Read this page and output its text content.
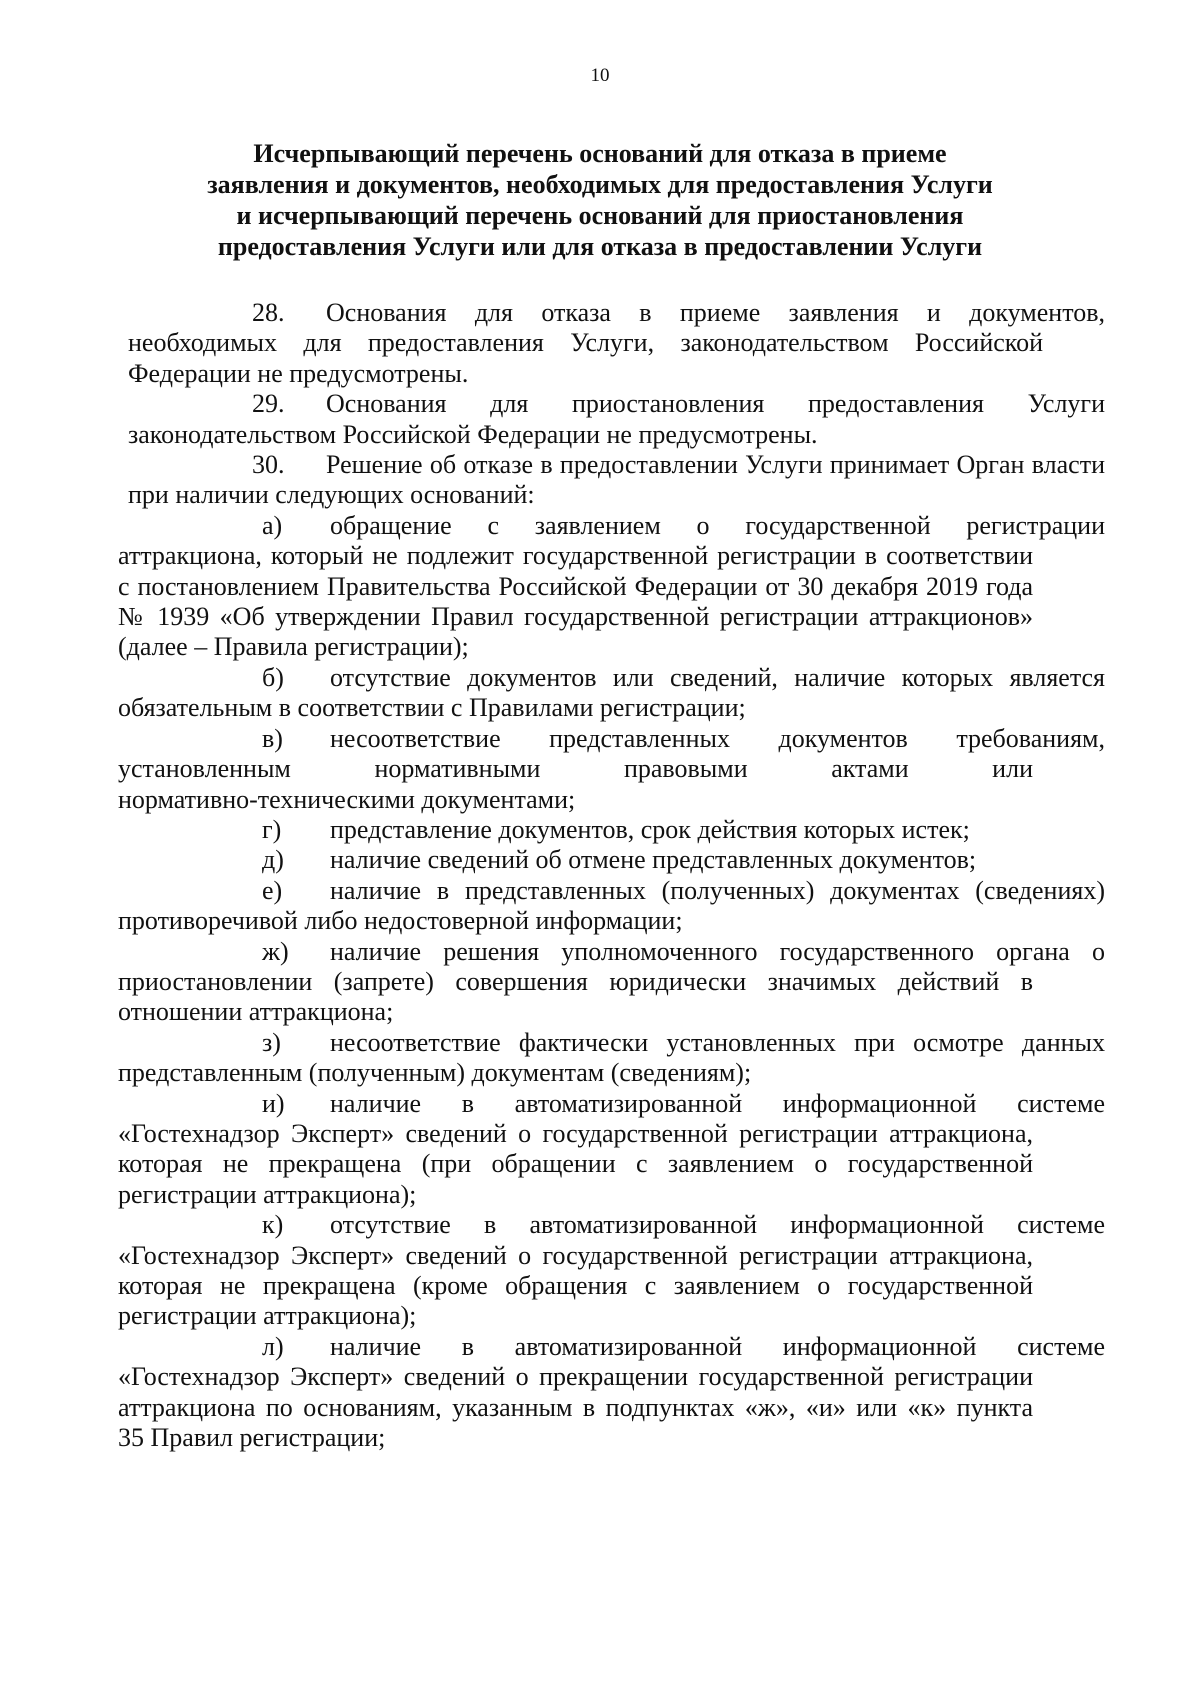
10
Исчерпывающий перечень оснований для отказа в приеме
заявления и документов, необходимых для предоставления Услуги
и исчерпывающий перечень оснований для приостановления
предоставления Услуги или для отказа в предоставлении Услуги
28. Основания для отказа в приеме заявления и документов,
необходимых для предоставления Услуги, законодательством Российской
Федерации не предусмотрены.
29. Основания для приостановления предоставления Услуги
законодательством Российской Федерации не предусмотрены.
30. Решение об отказе в предоставлении Услуги принимает Орган власти
при наличии следующих оснований:
а) обращение с заявлением о государственной регистрации
аттракциона, который не подлежит государственной регистрации в соответствии
с постановлением Правительства Российской Федерации от 30 декабря 2019 года
№ 1939 «Об утверждении Правил государственной регистрации аттракционов»
(далее – Правила регистрации);
б) отсутствие документов или сведений, наличие которых является
обязательным в соответствии с Правилами регистрации;
в) несоответствие представленных документов требованиям,
установленным нормативными правовыми актами или
нормативно-техническими документами;
г) представление документов, срок действия которых истек;
д) наличие сведений об отмене представленных документов;
е) наличие в представленных (полученных) документах (сведениях)
противоречивой либо недостоверной информации;
ж) наличие решения уполномоченного государственного органа о
приостановлении (запрете) совершения юридически значимых действий в
отношении аттракциона;
з) несоответствие фактически установленных при осмотре данных
представленным (полученным) документам (сведениям);
и) наличие в автоматизированной информационной системе
«Гостехнадзор Эксперт» сведений о государственной регистрации аттракциона,
которая не прекращена (при обращении с заявлением о государственной
регистрации аттракциона);
к) отсутствие в автоматизированной информационной системе
«Гостехнадзор Эксперт» сведений о государственной регистрации аттракциона,
которая не прекращена (кроме обращения с заявлением о государственной
регистрации аттракциона);
л) наличие в автоматизированной информационной системе
«Гостехнадзор Эксперт» сведений о прекращении государственной регистрации
аттракциона по основаниям, указанным в подпунктах «ж», «и» или «к» пункта
35 Правил регистрации;
